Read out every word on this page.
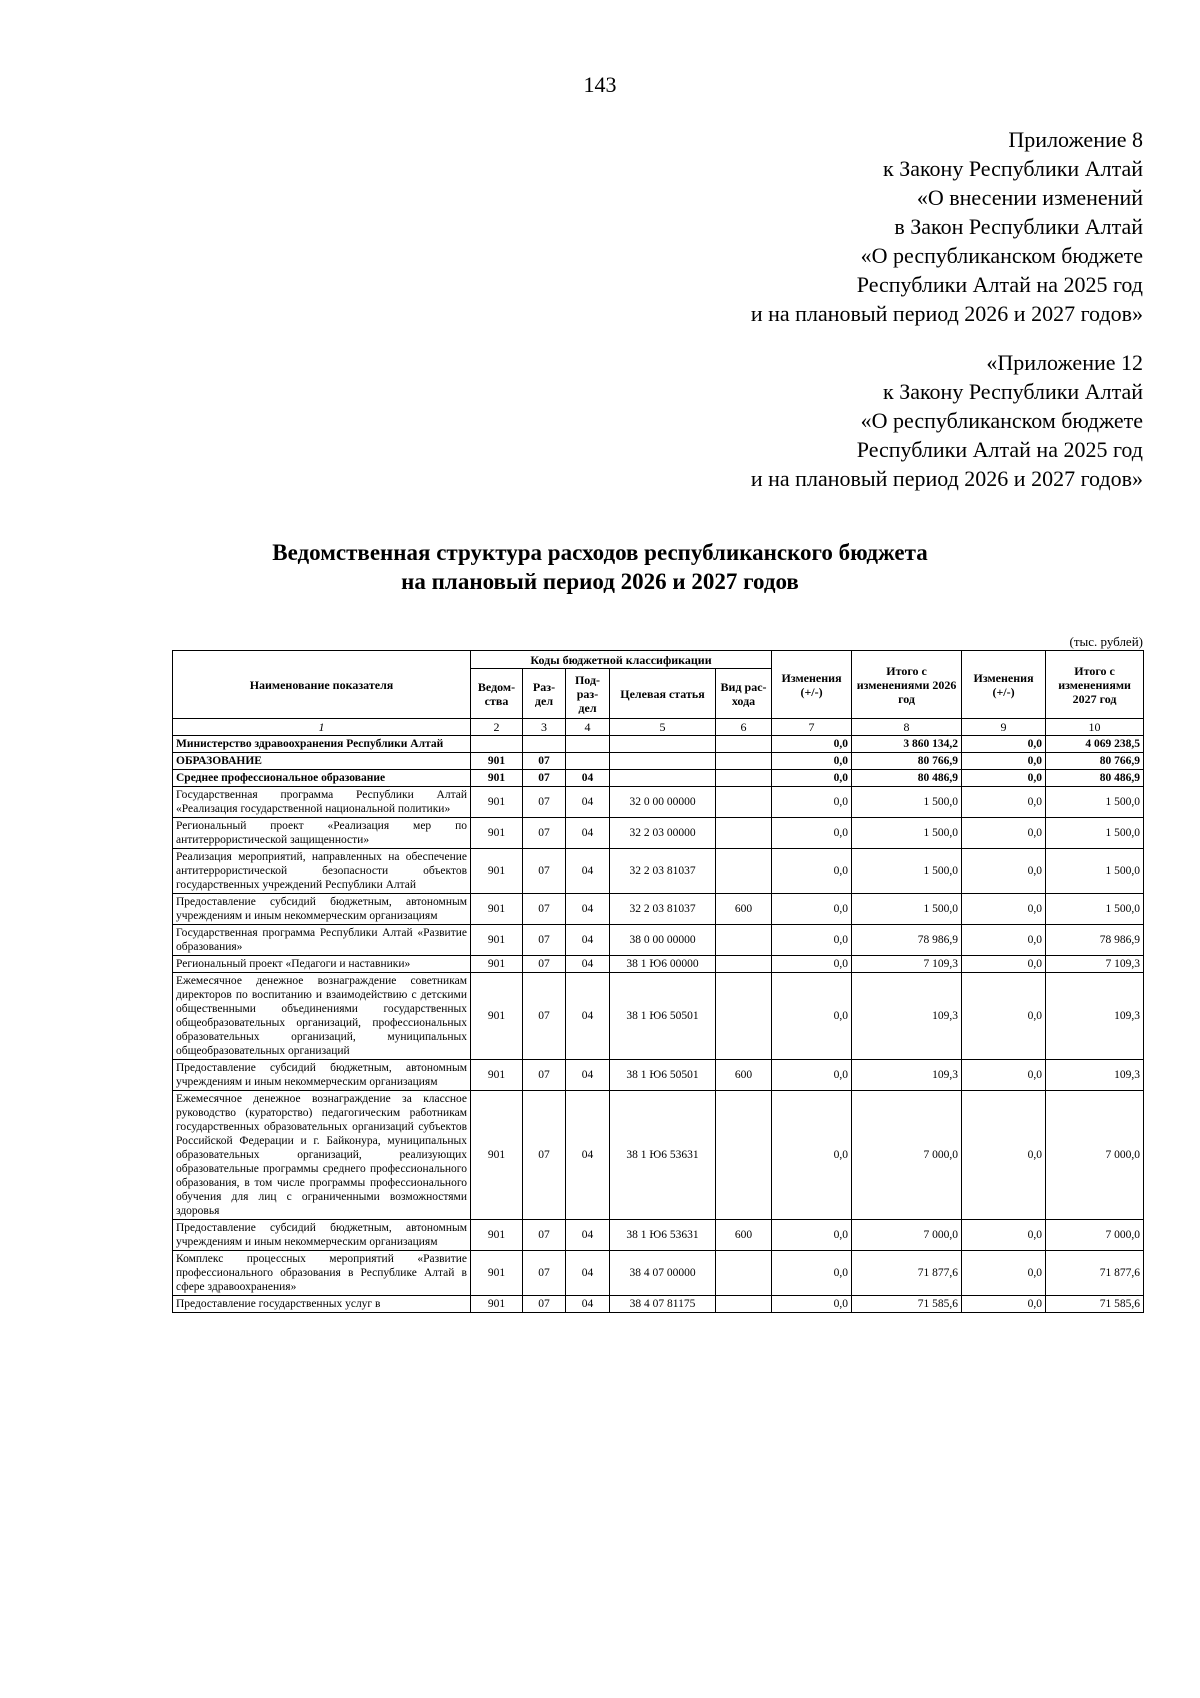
143
Приложение 8
к Закону Республики Алтай
«О внесении изменений
в Закон Республики Алтай
«О республиканском бюджете
Республики Алтай на 2025 год
и на плановый период 2026 и 2027 годов»
«Приложение 12
к Закону Республики Алтай
«О республиканском бюджете
Республики Алтай на 2025 год
и на плановый период 2026 и 2027 годов»
Ведомственная структура расходов республиканского бюджета
на плановый период 2026 и 2027 годов
(тыс. рублей)
Наименование показателя	Коды бюджетной классификации					Изменения (+/-)	Итого с изменениями 2026 год	Изменения (+/-)	Итого с изменениями 2027 год
	Ведом-ства	Раз-дел	Под-раз-дел	Целевая статья	Вид рас-хода				
1	2	3	4	5	6	7	8	9	10
Министерство здравоохранения Республики Алтай						0,0	3 860 134,2	0,0	4 069 238,5
ОБРАЗОВАНИЕ	901	07				0,0	80 766,9	0,0	80 766,9
Среднее профессиональное образование	901	07	04			0,0	80 486,9	0,0	80 486,9
Государственная программа Республики Алтай «Реализация государственной национальной политики»	901	07	04	32 0 00 00000		0,0	1 500,0	0,0	1 500,0
Региональный проект «Реализация мер по антитеррористической защищенности»	901	07	04	32 2 03 00000		0,0	1 500,0	0,0	1 500,0
Реализация мероприятий, направленных на обеспечение антитеррористической безопасности объектов государственных учреждений Республики Алтай	901	07	04	32 2 03 81037		0,0	1 500,0	0,0	1 500,0
Предоставление субсидий бюджетным, автономным учреждениям и иным некоммерческим организациям	901	07	04	32 2 03 81037	600	0,0	1 500,0	0,0	1 500,0
Государственная программа Республики Алтай «Развитие образования»	901	07	04	38 0 00 00000		0,0	78 986,9	0,0	78 986,9
Региональный проект «Педагоги и наставники»	901	07	04	38 1 Ю6 00000		0,0	7 109,3	0,0	7 109,3
Ежемесячное денежное вознаграждение советникам директоров по воспитанию и взаимодействию с детскими общественными объединениями государственных общеобразовательных организаций, профессиональных образовательных организаций, муниципальных общеобразовательных организаций	901	07	04	38 1 Ю6 50501		0,0	109,3	0,0	109,3
Предоставление субсидий бюджетным, автономным учреждениям и иным некоммерческим организациям	901	07	04	38 1 Ю6 50501	600	0,0	109,3	0,0	109,3
Ежемесячное денежное вознаграждение за классное руководство (кураторство) педагогическим работникам государственных образовательных организаций субъектов Российской Федерации и г. Байконура, муниципальных образовательных организаций, реализующих образовательные программы среднего профессионального образования, в том числе программы профессионального обучения для лиц с ограниченными возможностями здоровья	901	07	04	38 1 Ю6 53631		0,0	7 000,0	0,0	7 000,0
Предоставление субсидий бюджетным, автономным учреждениям и иным некоммерческим организациям	901	07	04	38 1 Ю6 53631	600	0,0	7 000,0	0,0	7 000,0
Комплекс процессных мероприятий «Развитие профессионального образования в Республике Алтай в сфере здравоохранения»	901	07	04	38 4 07 00000		0,0	71 877,6	0,0	71 877,6
Предоставление государственных услуг в	901	07	04	38 4 07 81175		0,0	71 585,6	0,0	71 585,6
